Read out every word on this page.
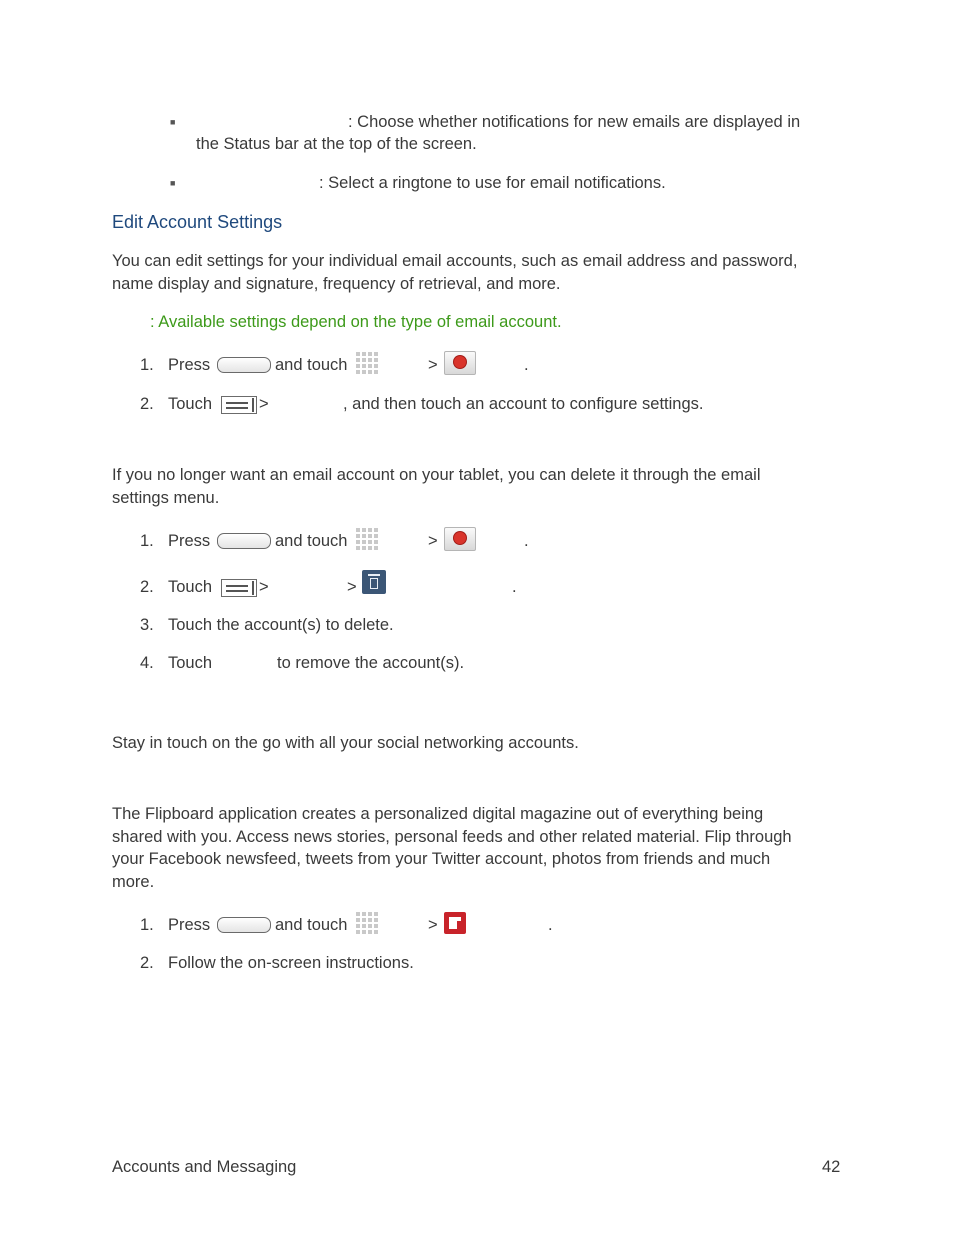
■	: Choose whether notifications for new emails are displayed in
the Status bar at the top of the screen.
■	: Select a ringtone to use for email notifications.
Edit Account Settings
You can edit settings for your individual email accounts, such as email address and password,
name display and signature, frequency of retrieval, and more.
: Available settings depend on the type of email account.
1. Press	and touch	>	.
2. Touch	>	, and then touch an account to configure settings.
If you no longer want an email account on your tablet, you can delete it through the email
settings menu.
1. Press	and touch	>	.
2. Touch	>	>	.
3. Touch the account(s) to delete.
4. Touch	to remove the account(s).
Stay in touch on the go with all your social networking accounts.
The Flipboard application creates a personalized digital magazine out of everything being
shared with you. Access news stories, personal feeds and other related material. Flip through
your Facebook newsfeed, tweets from your Twitter account, photos from friends and much
more.
1. Press	and touch	>	.
2. Follow the on-screen instructions.
Accounts and Messaging	42
